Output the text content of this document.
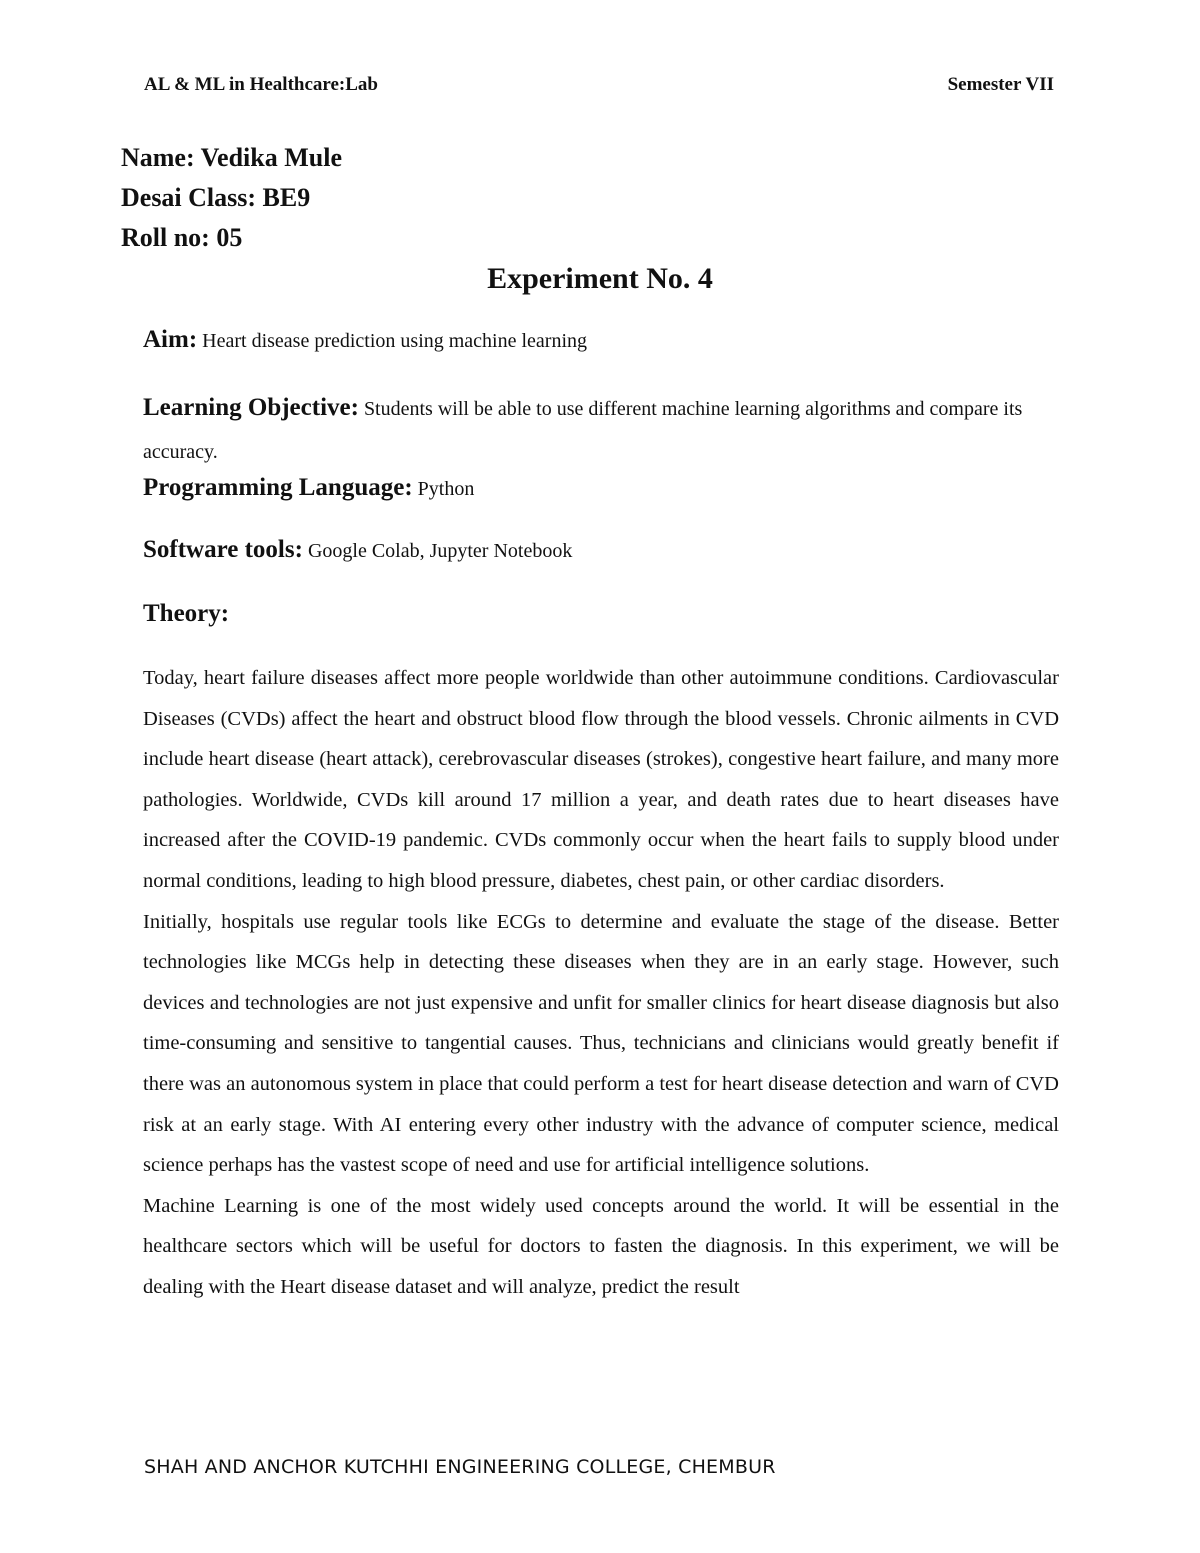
AL & ML in Healthcare:Lab	Semester VII
Name: Vedika Mule
Desai Class: BE9
Roll no: 05
Experiment No. 4
Aim: Heart disease prediction using machine learning
Learning Objective: Students will be able to use different machine learning algorithms and compare its accuracy.
Programming Language: Python
Software tools: Google Colab, Jupyter Notebook
Theory:

Today, heart failure diseases affect more people worldwide than other autoimmune conditions. Cardiovascular Diseases (CVDs) affect the heart and obstruct blood flow through the blood vessels. Chronic ailments in CVD include heart disease (heart attack), cerebrovascular diseases (strokes), congestive heart failure, and many more pathologies. Worldwide, CVDs kill around 17 million a year, and death rates due to heart diseases have increased after the COVID-19 pandemic. CVDs commonly occur when the heart fails to supply blood under normal conditions, leading to high blood pressure, diabetes, chest pain, or other cardiac disorders.

Initially, hospitals use regular tools like ECGs to determine and evaluate the stage of the disease. Better technologies like MCGs help in detecting these diseases when they are in an early stage. However, such devices and technologies are not just expensive and unfit for smaller clinics for heart disease diagnosis but also time-consuming and sensitive to tangential causes. Thus, technicians and clinicians would greatly benefit if there was an autonomous system in place that could perform a test for heart disease detection and warn of CVD risk at an early stage. With AI entering every other industry with the advance of computer science, medical science perhaps has the vastest scope of need and use for artificial intelligence solutions.

Machine Learning is one of the most widely used concepts around the world. It will be essential in the healthcare sectors which will be useful for doctors to fasten the diagnosis. In this experiment, we will be dealing with the Heart disease dataset and will analyze, predict the result

SHAH AND ANCHOR KUTCHHI ENGINEERING COLLEGE, CHEMBUR
